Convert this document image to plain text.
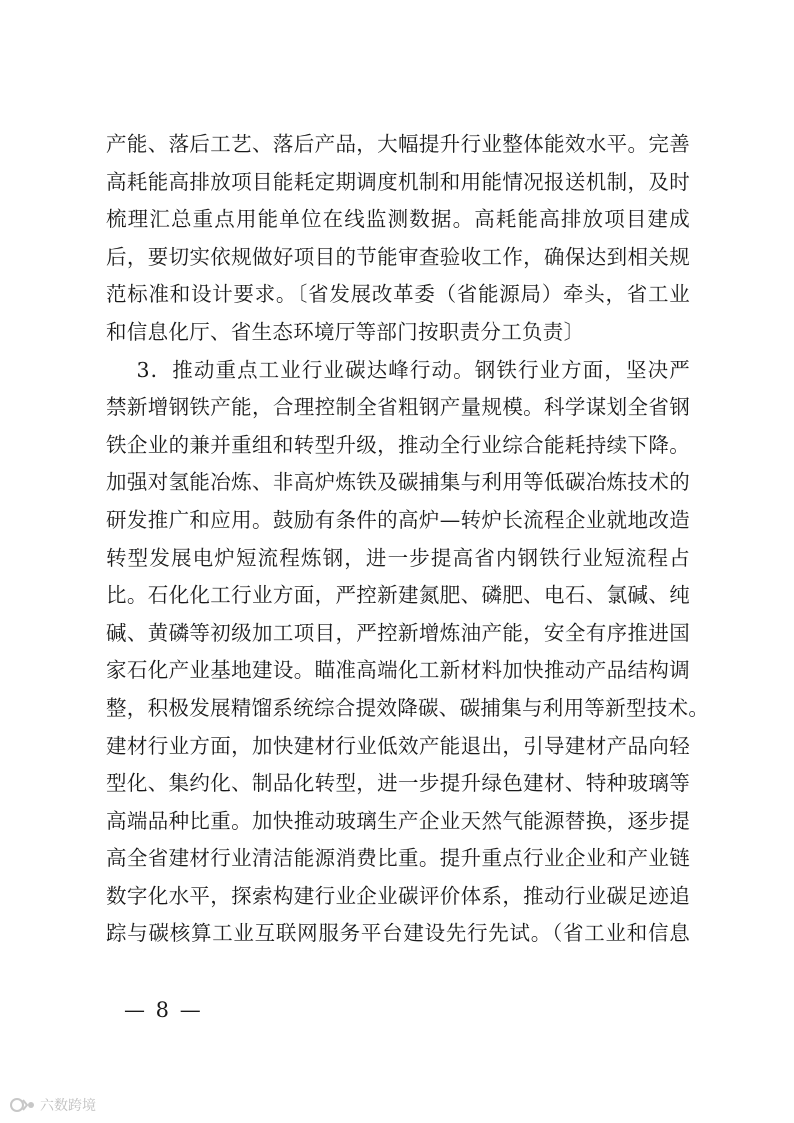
产能、落后工艺、落后产品，大幅提升行业整体能效水平。完善
高耗能高排放项目能耗定期调度机制和用能情况报送机制，及时
梳理汇总重点用能单位在线监测数据。高耗能高排放项目建成
后，要切实依规做好项目的节能审查验收工作，确保达到相关规
范标准和设计要求。〔省发展改革委（省能源局）牵头，省工业
和信息化厅、省生态环境厅等部门按职责分工负责〕
3．推动重点工业行业碳达峰行动。钢铁行业方面，坚决严
禁新增钢铁产能，合理控制全省粗钢产量规模。科学谋划全省钢
铁企业的兼并重组和转型升级，推动全行业综合能耗持续下降。
加强对氢能冶炼、非高炉炼铁及碳捕集与利用等低碳冶炼技术的
研发推广和应用。鼓励有条件的高炉—转炉长流程企业就地改造
转型发展电炉短流程炼钢，进一步提高省内钢铁行业短流程占
比。石化化工行业方面，严控新建氮肥、磷肥、电石、氯碱、纯
碱、黄磷等初级加工项目，严控新增炼油产能，安全有序推进国
家石化产业基地建设。瞄准高端化工新材料加快推动产品结构调
整，积极发展精馏系统综合提效降碳、碳捕集与利用等新型技术。
建材行业方面，加快建材行业低效产能退出，引导建材产品向轻
型化、集约化、制品化转型，进一步提升绿色建材、特种玻璃等
高端品种比重。加快推动玻璃生产企业天然气能源替换，逐步提
高全省建材行业清洁能源消费比重。提升重点行业企业和产业链
数字化水平，探索构建行业企业碳评价体系，推动行业碳足迹追
踪与碳核算工业互联网服务平台建设先行先试。（省工业和信息
— 8 —
六数跨境
